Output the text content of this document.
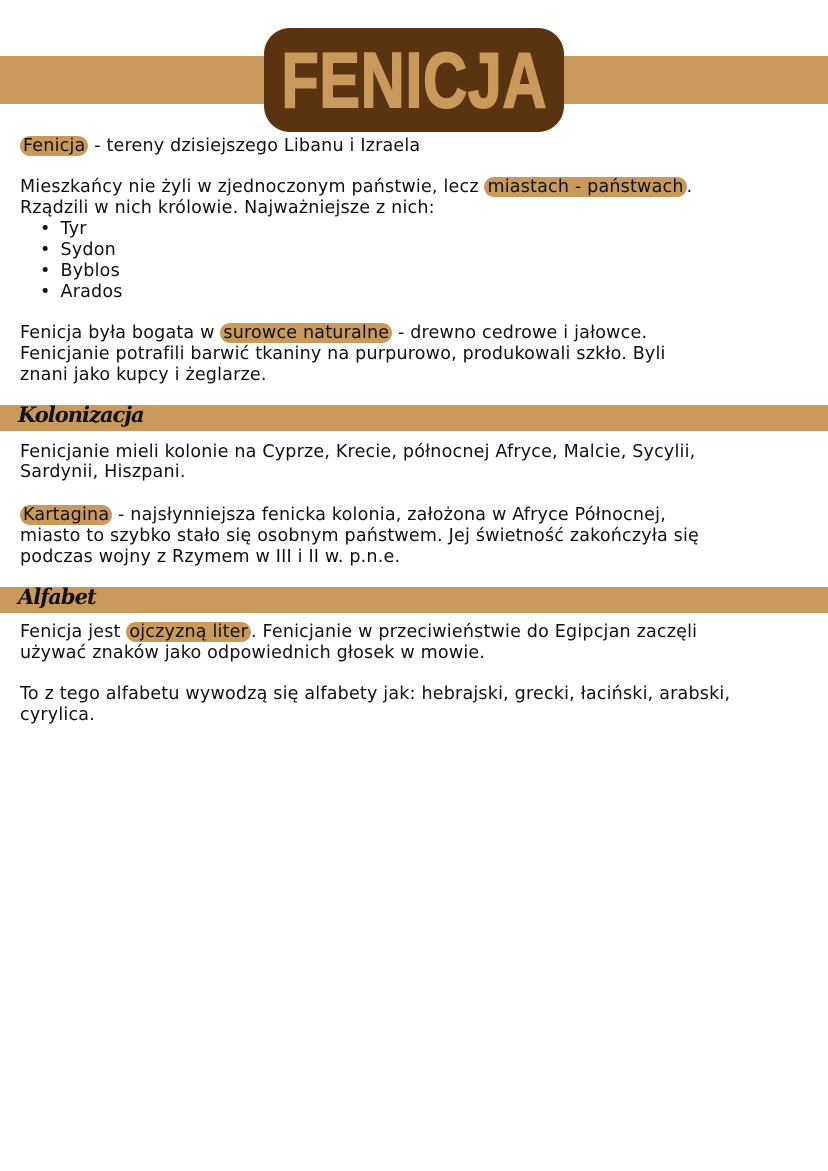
FENICJA
Fenicja - tereny dzisiejszego Libanu i Izraela
Mieszkańcy nie żyli w zjednoczonym państwie, lecz miastach - państwach .
Rządzili w nich królowie. Najważniejsze z nich:
• Tyr
• Sydon
• Byblos
• Arados
Fenicja była bogata w surowce naturalne - drewno cedrowe i jałowce.
Fenicjanie potrafili barwić tkaniny na purpurowo, produkowali szkło. Byli
znani jako kupcy i żeglarze.
Kolonizacja
Fenicjanie mieli kolonie na Cyprze, Krecie, północnej Afryce, Malcie, Sycylii,
Sardynii, Hiszpani.
Kartagina - najsłynniejsza fenicka kolonia, założona w Afryce Północnej,
miasto to szybko stało się osobnym państwem. Jej świetność zakończyła się
podczas wojny z Rzymem w III i II w. p.n.e.
Alfabet
Fenicja jest ojczyzną liter . Fenicjanie w przeciwieństwie do Egipcjan zaczęli
używać znaków jako odpowiednich głosek w mowie.
To z tego alfabetu wywodzą się alfabety jak: hebrajski, grecki, łaciński, arabski,
cyrylica.
